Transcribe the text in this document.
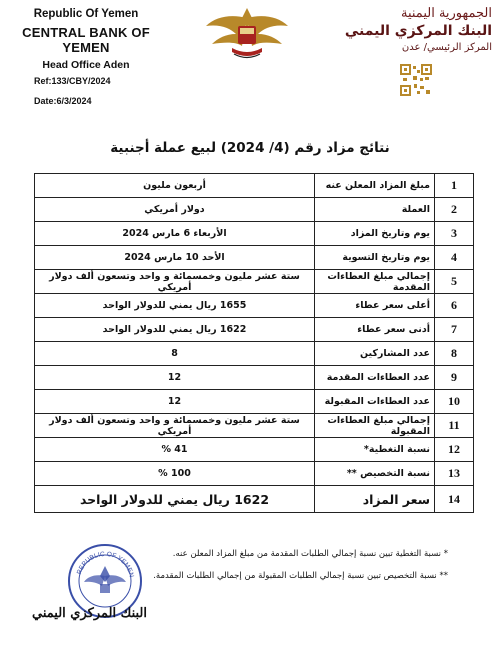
Republic Of Yemen
CENTRAL BANK OF YEMEN
Head Office Aden
Ref:133/CBY/2024
Date:6/3/2024
الجمهورية اليمنية
البنك المركزي اليمني
المركز الرئيسي/ عدن
نتائج مزاد رقم (4/ 2024) لبيع عملة أجنبية
1	مبلغ المزاد المعلن عنه	أربعون مليون
2	العملة	دولار أمريكي
3	يوم وتاريخ المزاد	الأربعاء 6 مارس 2024
4	يوم وتاريخ التسوية	الأحد 10 مارس 2024
5	إجمالي مبلغ العطاءات المقدمة	ستة عشر مليون وخمسمائة و واحد وتسعون ألف دولار أمريكي
6	أعلى سعر عطاء	1655 ريال يمني للدولار الواحد
7	أدنى سعر عطاء	1622 ريال يمني للدولار الواحد
8	عدد المشاركين	8
9	عدد العطاءات المقدمة	12
10	عدد العطاءات المقبولة	12
11	إجمالي مبلغ العطاءات المقبولة	ستة عشر مليون وخمسمائة و واحد وتسعون ألف دولار أمريكي
12	نسبة التغطية*	41 %
13	نسبة التخصيص **	100 %
14	سعر المزاد	1622 ريال يمني للدولار الواحد
* نسبة التغطية تبين نسبة إجمالي الطلبات المقدمة من مبلغ المزاد المعلن عنه.
** نسبة التخصيص تبين نسبة إجمالي الطلبات المقبولة من إجمالي الطلبات المقدمة.
REPUBLIC OF YEMEN
البنك المركزي اليمني
